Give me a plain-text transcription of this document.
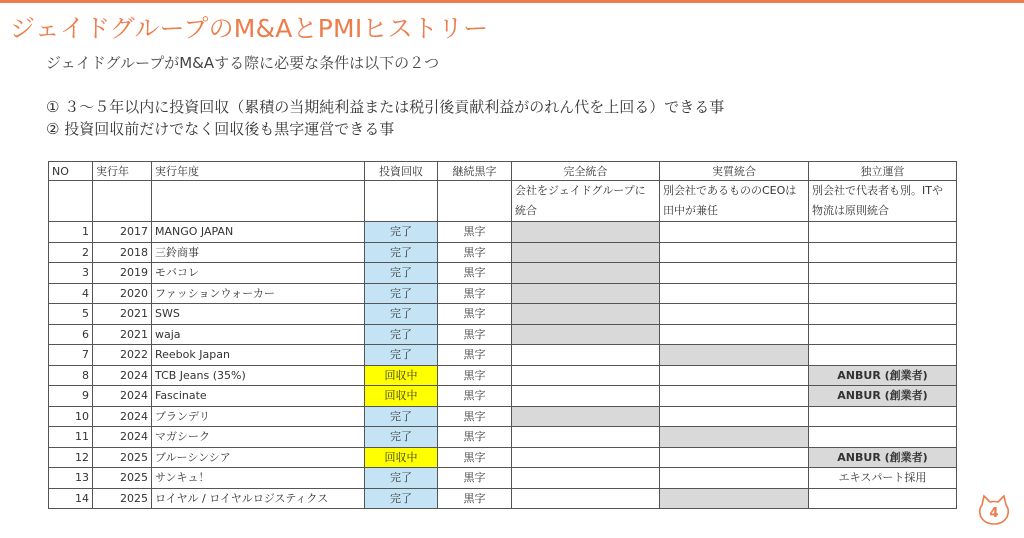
ジェイドグループのM&AとPMIヒストリー
ジェイドグループがM&Aする際に必要な条件は以下の２つ
① ３～５年以内に投資回収（累積の当期純利益または税引後貢献利益がのれん代を上回る）できる事
② 投資回収前だけでなく回収後も黒字運営できる事
NO	実行年	実行年度	投資回収	継続黒字	完全統合	実質統合	独立運営
					会社をジェイドグループに統合	別会社であるもののCEOは田中が兼任	別会社で代表者も別。ITや物流は原則統合
1	2017	MANGO JAPAN	完了	黒字			
2	2018	三鈴商事	完了	黒字			
3	2019	モバコレ	完了	黒字			
4	2020	ファッションウォーカー	完了	黒字			
5	2021	SWS	完了	黒字			
6	2021	waja	完了	黒字			
7	2022	Reebok Japan	完了	黒字			
8	2024	TCB Jeans (35%)	回収中	黒字			ANBUR (創業者)
9	2024	Fascinate	回収中	黒字			ANBUR (創業者)
10	2024	ブランデリ	完了	黒字			
11	2024	マガシーク	完了	黒字			
12	2025	ブルーシンシア	回収中	黒字			ANBUR (創業者)
13	2025	サンキュ！	完了	黒字			エキスパート採用
14	2025	ロイヤル / ロイヤルロジスティクス	完了	黒字			
4
